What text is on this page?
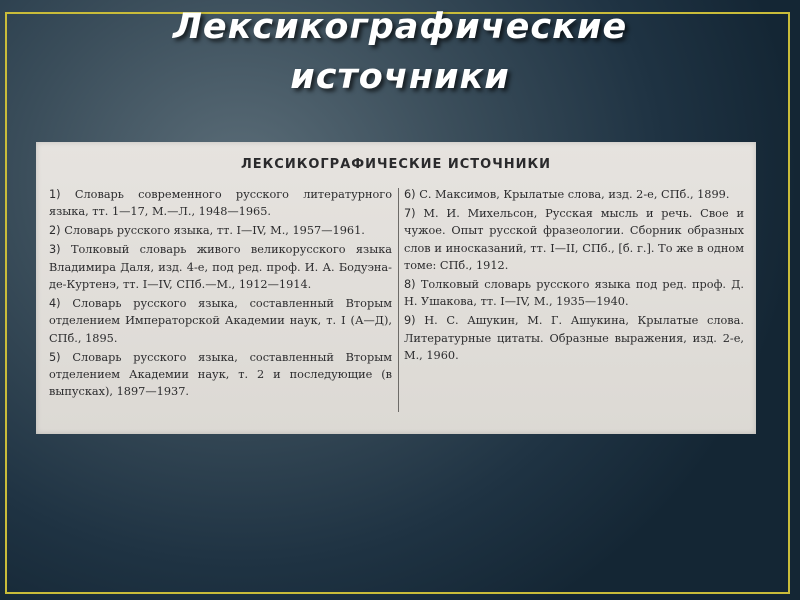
Лексикографические
источники
ЛЕКСИКОГРАФИЧЕСКИЕ ИСТОЧНИКИ

1) Словарь современного русского литературного языка, тт. 1—17, М.—Л., 1948—1965.

2) Словарь русского языка, тт. I—IV, М., 1957—1961.

3) Толковый словарь живого великорусского языка Владимира Даля, изд. 4-е, под ред. проф. И. А. Бодуэна-де-Куртенэ, тт. I—IV, СПб.—М., 1912—1914.

4) Словарь русского языка, составленный Вторым отделением Императорской Академии наук, т. I (А—Д), СПб., 1895.

5) Словарь русского языка, составленный Вторым отделением Академии наук, т. 2 и последующие (в выпусках), 1897—1937.

6) С. Максимов, Крылатые слова, изд. 2-е, СПб., 1899.

7) М. И. Михельсон, Русская мысль и речь. Свое и чужое. Опыт русской фразеологии. Сборник образных слов и иносказаний, тт. I—II, СПб., [б. г.]. То же в одном томе: СПб., 1912.

8) Толковый словарь русского языка под ред. проф. Д. Н. Ушакова, тт. I—IV, М., 1935—1940.

9) Н. С. Ашукин, М. Г. Ашукина, Крылатые слова. Литературные цитаты. Образные выражения, изд. 2-е, М., 1960.
